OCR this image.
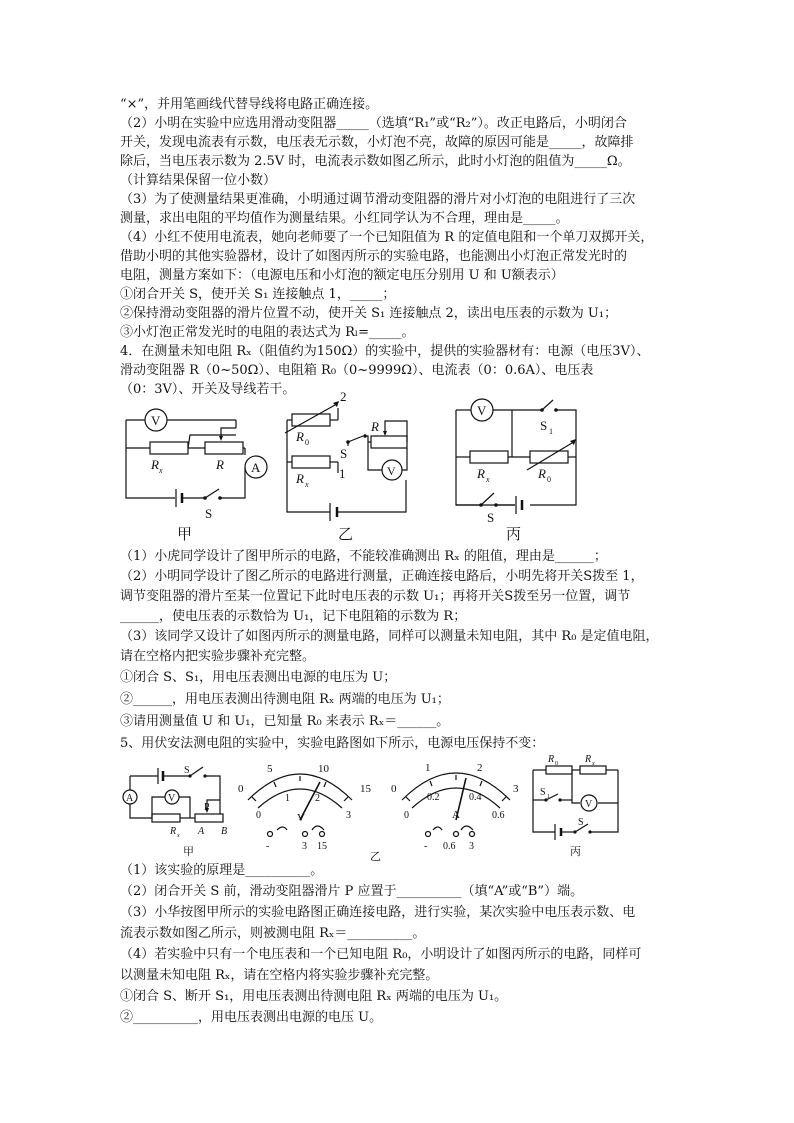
“×”，并用笔画线代替导线将电路正确连接。
（2）小明在实验中应选用滑动变阻器_____（选填“R₁”或“R₂”）。改正电路后，小明闭合
开关，发现电流表有示数，电压表无示数，小灯泡不亮，故障的原因可能是_____，故障排
除后，当电压表示数为 2.5V 时，电流表示数如图乙所示，此时小灯泡的阻值为_____Ω。
（计算结果保留一位小数）
（3）为了使测量结果更准确，小明通过调节滑动变阻器的滑片对小灯泡的电阻进行了三次
测量，求出电阻的平均值作为测量结果。小红同学认为不合理，理由是_____。
（4）小红不使用电流表，她向老师要了一个已知阻值为 R 的定值电阻和一个单刀双掷开关，
借助小明的其他实验器材，设计了如图丙所示的实验电路，也能测出小灯泡正常发光时的
电阻，测量方案如下：（电源电压和小灯泡的额定电压分别用 U 和 U额表示）
①闭合开关 S，使开关 S₁ 连接触点 1，_____；
②保持滑动变阻器的滑片位置不动，使开关 S₁ 连接触点 2，读出电压表的示数为 U₁；
③小灯泡正常发光时的电阻的表达式为 Rₗ=_____。
4．在测量未知电阻 Rₓ（阻值约为150Ω）的实验中，提供的实验器材有：电源（电压3V）、
滑动变阻器 R（0~50Ω）、电阻箱 R₀（0~9999Ω）、电流表（0：0.6A）、电压表
（0：3V）、开关及导线若干。
V
A
R x	R
S
V
2
1
R 0
R x
R
S
V
S 1
R x	R 0
S
甲	乙	丙
（1）小虎同学设计了图甲所示的电路，不能较准确测出 Rₓ 的阻值，理由是______；
（2）小明同学设计了图乙所示的电路进行测量，正确连接电路后，小明先将开关S拨至 1，
调节变阻器的滑片至某一位置记下此时电压表的示数 U₁；再将开关S拨至另一位置，调节
______，使电压表的示数恰为 U₁，记下电阻箱的示数为 R；
（3）该同学又设计了如图丙所示的测量电路，同样可以测量未知电阻，其中 R₀ 是定值电阻，
请在空格内把实验步骤补充完整。
①闭合 S、S₁，用电压表测出电源的电压为 U；
②______，用电压表测出待测电阻 Rₓ 两端的电压为 U₁；
③请用测量值 U 和 U₁，已知量 R₀ 来表示 Rₓ＝______。
5、用伏安法测电阻的实验中，实验电路图如下所示，电源电压保持不变：
A	V
S
P
R x A B
0
5	10
15
0
1	2
3
V
-	3 15
乙
0
1	2
3
0
0.2	0.4
0.6
A
- 0.6 3
V
R 0	R x
S 1
S
甲	丙
（1）该实验的原理是__________。
（2）闭合开关 S 前，滑动变阻器滑片 P 应置于__________（填“A”或“B”）端。
（3）小华按图甲所示的实验电路图正确连接电路，进行实验，某次实验中电压表示数、电
流表示数如图乙所示，则被测电阻 Rₓ＝__________。
（4）若实验中只有一个电压表和一个已知电阻 R₀，小明设计了如图丙所示的电路，同样可
以测量未知电阻 Rₓ，请在空格内将实验步骤补充完整。
①闭合 S、断开 S₁，用电压表测出待测电阻 Rₓ 两端的电压为 U₁。
②__________，用电压表测出电源的电压 U。
